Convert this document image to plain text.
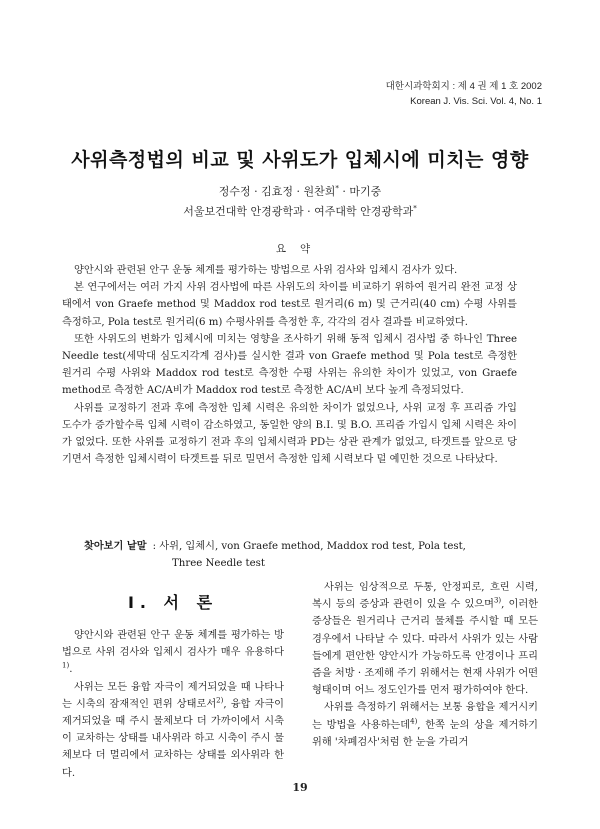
대한시과학회지 : 제 4 권 제 1 호 2002
Korean J. Vis. Sci. Vol. 4, No. 1
사위측정법의 비교 및 사위도가 입체시에 미치는 영향
정수정 · 김효정 · 원찬희* · 마기중
서울보건대학 안경광학과 · 여주대학 안경광학과*
요약

양안시와 관련된 안구 운동 체계를 평가하는 방법으로 사위 검사와 입체시 검사가 있다.

본 연구에서는 여러 가지 사위 검사법에 따른 사위도의 차이를 비교하기 위하여 원거리 완전 교정 상태에서 von Graefe method 및 Maddox rod test로 원거리(6 m) 및 근거리(40 cm) 수평 사위를 측정하고, Pola test로 원거리(6 m) 수평사위를 측정한 후, 각각의 검사 결과를 비교하였다.

또한 사위도의 변화가 입체시에 미치는 영향을 조사하기 위해 동적 입체시 검사법 중 하나인 Three Needle test(세막대 심도지각계 검사)를 실시한 결과 von Graefe method 및 Pola test로 측정한 원거리 수평 사위와 Maddox rod test로 측정한 수평 사위는 유의한 차이가 있었고, von Graefe method로 측정한 AC/A비가 Maddox rod test로 측정한 AC/A비 보다 높게 측정되었다.

사위를 교정하기 전과 후에 측정한 입체 시력은 유의한 차이가 없었으나, 사위 교정 후 프리즘 가입 도수가 증가할수록 입체 시력이 감소하였고, 동일한 양의 B.I. 및 B.O. 프리즘 가입시 입체 시력은 차이가 없었다. 또한 사위를 교정하기 전과 후의 입체시력과 PD는 상관 관계가 없었고, 타겟트를 앞으로 당기면서 측정한 입체시력이 타겟트를 뒤로 밀면서 측정한 입체 시력보다 덜 예민한 것으로 나타났다.

찾아보기 낱말 : 사위, 입체시, von Graefe method, Maddox rod test, Pola test,
Three Needle test
I. 서 론

양안시와 관련된 안구 운동 체계를 평가하는 방법으로 사위 검사와 입체시 검사가 매우 유용하다$^{1)}$.

사위는 모든 융합 자극이 제거되었을 때 나타나는 시축의 잠재적인 편위 상태로서$^{2)}$, 융합 자극이 제거되었을 때 주시 물체보다 더 가까이에서 시축이 교차하는 상태를 내사위라 하고 시축이 주시 물체보다 더 멀리에서 교차하는 상태를 외사위라 한다.

사위는 임상적으로 두통, 안정피로, 흐린 시력, 복시 등의 증상과 관련이 있을 수 있으며$^{3)}$, 이러한 증상들은 원거리나 근거리 물체를 주시할 때 모든 경우에서 나타날 수 있다. 따라서 사위가 있는 사람들에게 편안한 양안시가 가능하도록 안경이나 프리즘을 처방 · 조제해 주기 위해서는 현재 사위가 어떤 형태이며 어느 정도인가를 먼저 평가하여야 한다.

사위를 측정하기 위해서는 보통 융합을 제거시키는 방법을 사용하는데$^{4)}$, 한쪽 눈의 상을 제거하기 위해 '차폐검사'처럼 한 눈을 가리거

19
